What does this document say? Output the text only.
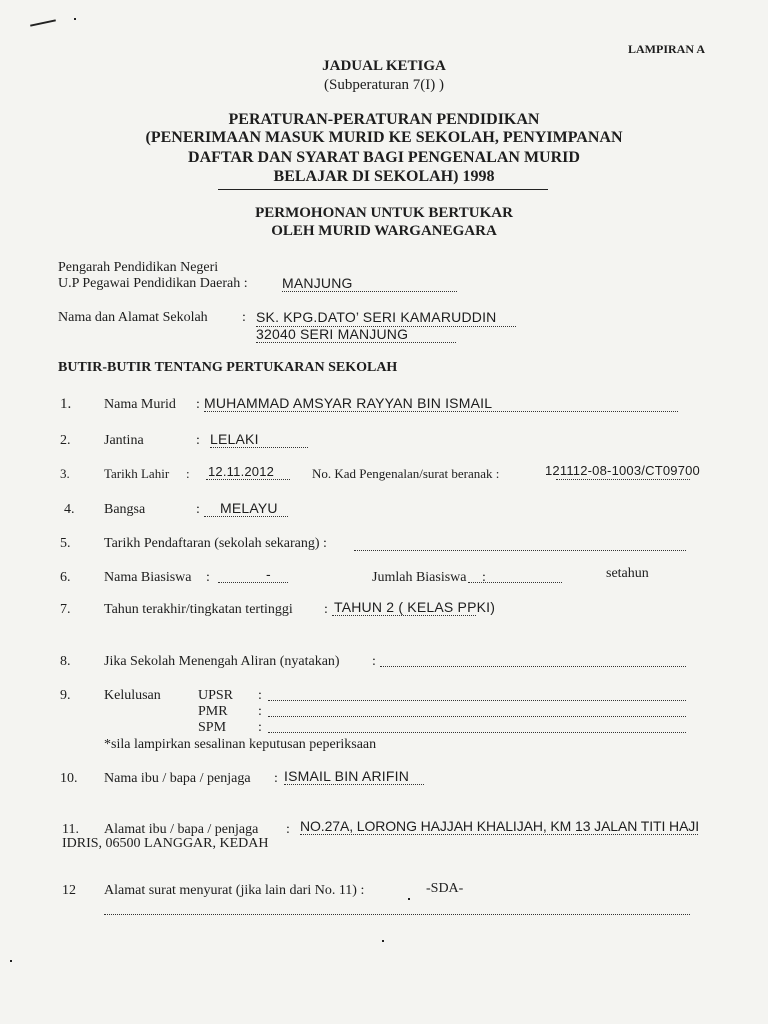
LAMPIRAN A
JADUAL KETIGA
(Subperaturan 7(I) )
PERATURAN-PERATURAN PENDIDIKAN
(PENERIMAAN MASUK MURID KE SEKOLAH, PENYIMPANAN
DAFTAR DAN SYARAT BAGI PENGENALAN MURID
BELAJAR DI SEKOLAH) 1998
PERMOHONAN UNTUK BERTUKAR
OLEH MURID WARGANEGARA
Pengarah Pendidikan Negeri
U.P Pegawai Pendidikan Daerah : MANJUNG
Nama dan Alamat Sekolah : SK. KPG.DATO’ SERI KAMARUDDIN
32040 SERI MANJUNG
BUTIR-BUTIR TENTANG PERTUKARAN SEKOLAH
1. Nama Murid : MUHAMMAD AMSYAR RAYYAN BIN ISMAIL
2. Jantina	: LELAKI
3.	Tarikh Lahir : 12.11.2012	No. Kad Pengenalan/surat beranak :	121112-08-1003/CT09700
4. Bangsa	: MELAYU
5. Tarikh Pendaftaran (sekolah sekarang) :
6. Nama Biasiswa :	-	Jumlah Biasiswa :	setahun
7. Tahun terakhir/tingkatan tertinggi : TAHUN 2 ( KELAS PPKI)
8. Jika Sekolah Menengah Aliran (nyatakan) :
9. Kelulusan	UPSR :
PMR :
SPM :
*sila lampirkan sesalinan keputusan peperiksaan
10. Nama ibu / bapa / penjaga : ISMAIL BIN ARIFIN
11. Alamat ibu / bapa / penjaga : NO.27A, LORONG HAJJAH KHALIJAH, KM 13 JALAN TITI HAJI
IDRIS, 06500 LANGGAR, KEDAH
12 Alamat surat menyurat (jika lain dari No. 11) :	-SDA-
